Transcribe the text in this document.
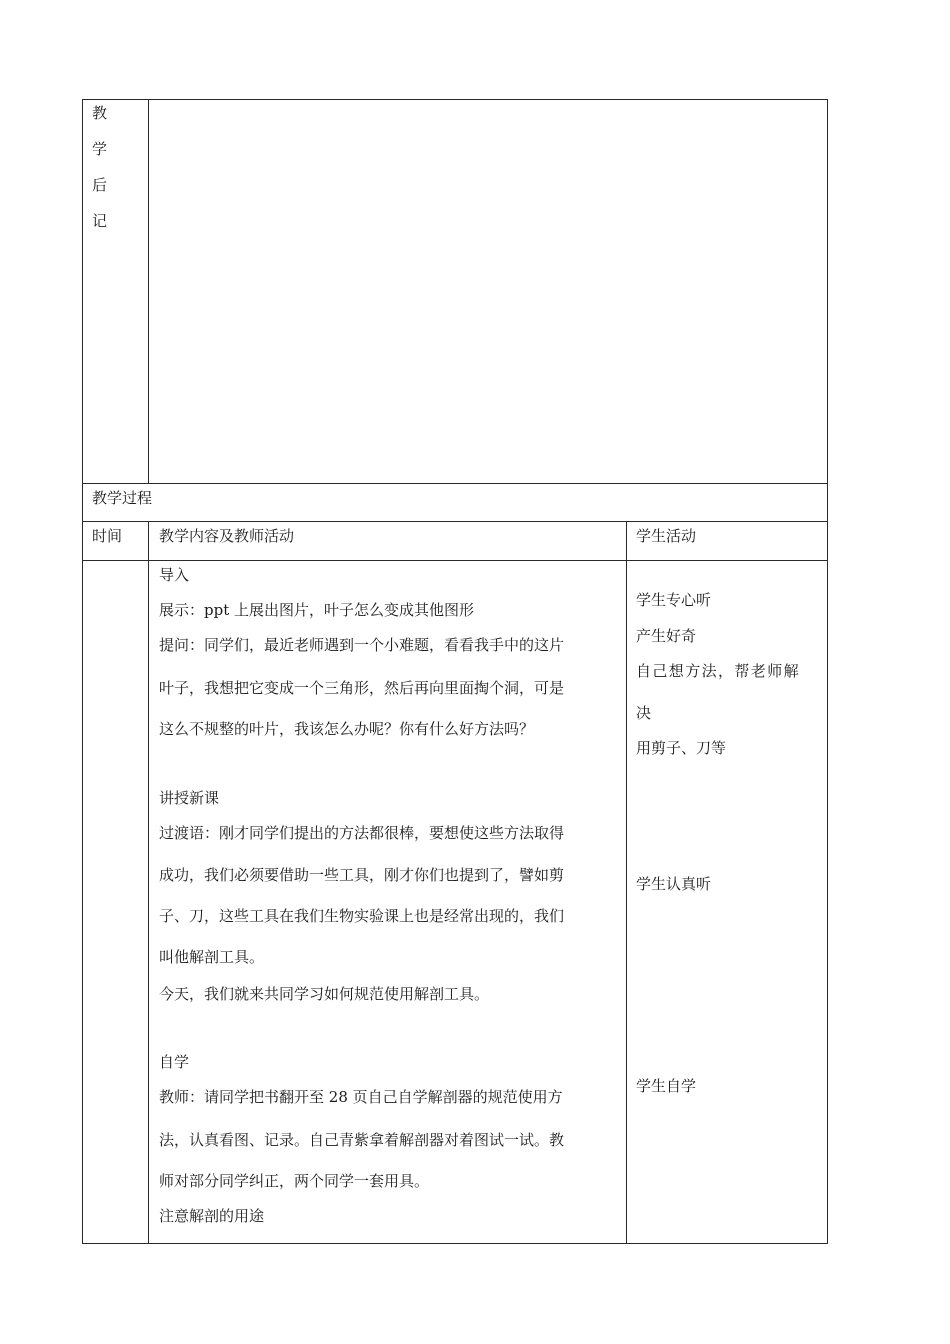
教
学
后
记
教学过程
时间 教学内容及教师活动	学生活动
导入
展示：ppt 上展出图片，叶子怎么变成其他图形
提问：同学们，最近老师遇到一个小难题，看看我手中的这片
叶子，我想把它变成一个三角形，然后再向里面掏个洞，可是
这么不规整的叶片，我该怎么办呢？你有什么好方法吗？
讲授新课
过渡语：刚才同学们提出的方法都很棒，要想使这些方法取得
成功，我们必须要借助一些工具，刚才你们也提到了，譬如剪
子、刀，这些工具在我们生物实验课上也是经常出现的，我们
叫他解剖工具。
今天，我们就来共同学习如何规范使用解剖工具。
自学
教师：请同学把书翻开至 28 页自己自学解剖器的规范使用方
法，认真看图、记录。自己青紫拿着解剖器对着图试一试。教
师对部分同学纠正，两个同学一套用具。
注意解剖的用途
学生专心听
产生好奇
自己想方法，帮老师解
决
用剪子、刀等
学生认真听
学生自学
